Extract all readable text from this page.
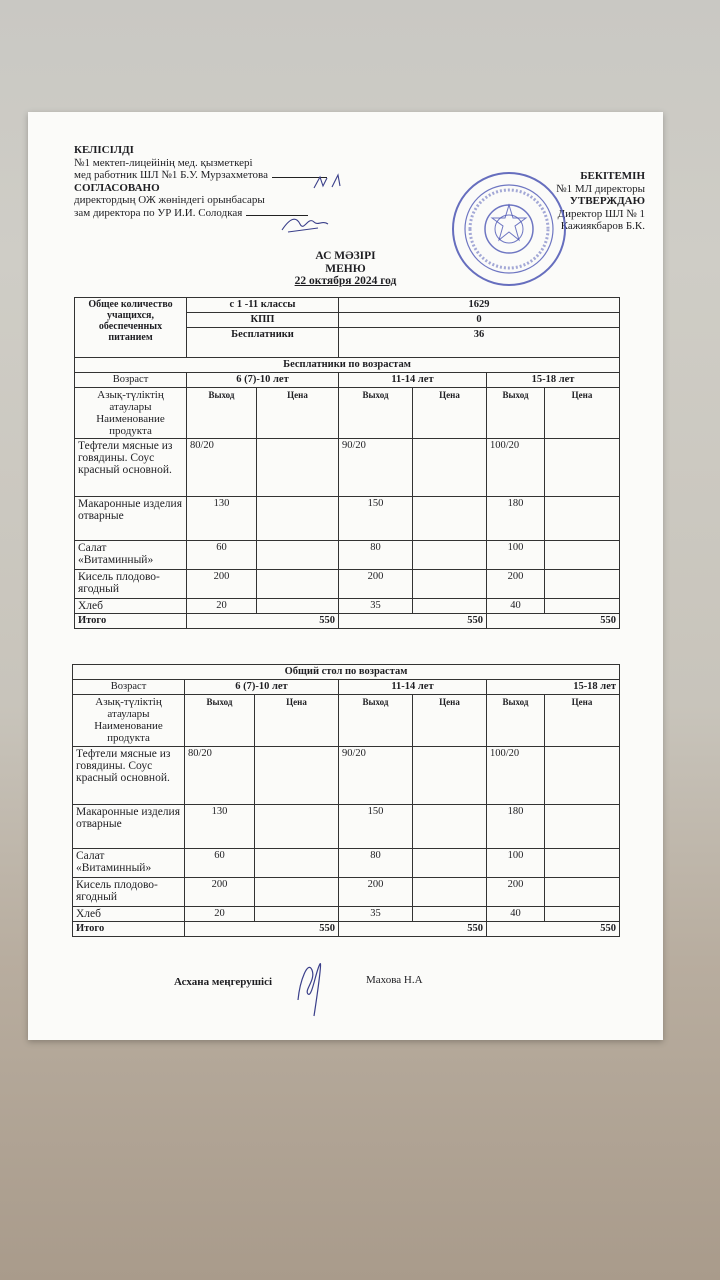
КЕЛІСІЛДІ
№1 мектеп-лицейінің мед. қызметкері
мед работник ШЛ №1 Б.У. Мурзахметова
СОГЛАСОВАНО
директордың ОЖ жөніндегі орынбасары
зам директора по УР И.И. Солодкая
БЕКІТЕМІН
№1 МЛ директоры
УТВЕРЖДАЮ
Директор ШЛ № 1
Кажиякбаров Б.К.
АС МӘЗІРІ
МЕНЮ
22 октября 2024 год
Общее количество учащихся, обеспеченных питанием	с 1 -11 классы		1629			
	КПП		0			
	Бесплатники		36			
Бесплатники по возрастам						
Возраст	6 (7)-10 лет		11-14 лет		15-18 лет	
Азық-түліктің атаулары Наименование продукта	Выход	Цена	Выход	Цена	Выход	Цена
Тефтели мясные из говядины. Соус красный основной.	80/20		90/20		100/20	
Макаронные изделия отварные	130		150		180	
Салат «Витаминный»	60		80		100	
Кисель плодово-ягодный	200		200		200	
Хлеб	20		35		40	
Итого	550		550		550	
Общий стол по возрастам						
Возраст	6 (7)-10 лет		11-14 лет		15-18 лет	
Азық-түліктің атаулары Наименование продукта	Выход	Цена	Выход	Цена	Выход	Цена
Тефтели мясные из говядины. Соус красный основной.	80/20		90/20		100/20	
Макаронные изделия отварные	130		150		180	
Салат «Витаминный»	60		80		100	
Кисель плодово-ягодный	200		200		200	
Хлеб	20		35		40	
Итого	550		550		550	
Асхана меңгерушісі	Махова Н.А
